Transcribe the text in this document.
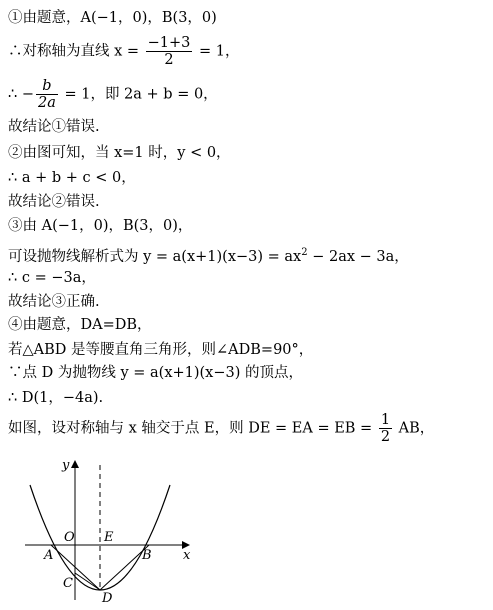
①由题意，A(−1，0)，B(3，0)
∴对称轴为直线 $x = \frac{-1+3}{2} = 1$，
∴ − $\frac{b}{2a} = 1$，即 2a + b = 0，
故结论①错误.
②由图可知，当 x=1 时，y < 0，
∴ a + b + c < 0，
故结论②错误.
③由 A(−1，0)，B(3，0)，
可设抛物线解析式为 $y = a(x+1)(x-3) = ax^2 - 2ax - 3a$，
∴ c = −3a，
故结论③正确.
④由题意，DA=DB，
若△ABD 是等腰直角三角形，则∠ADB=90°，
∵点 D 为抛物线 y = a(x+1)(x−3) 的顶点，
∴ D(1，−4a).
如图，设对称轴与 x 轴交于点 E，则 DE = EA = EB = $\frac{1}{2}$ AB，
y
x
O E
A	B
C
D
